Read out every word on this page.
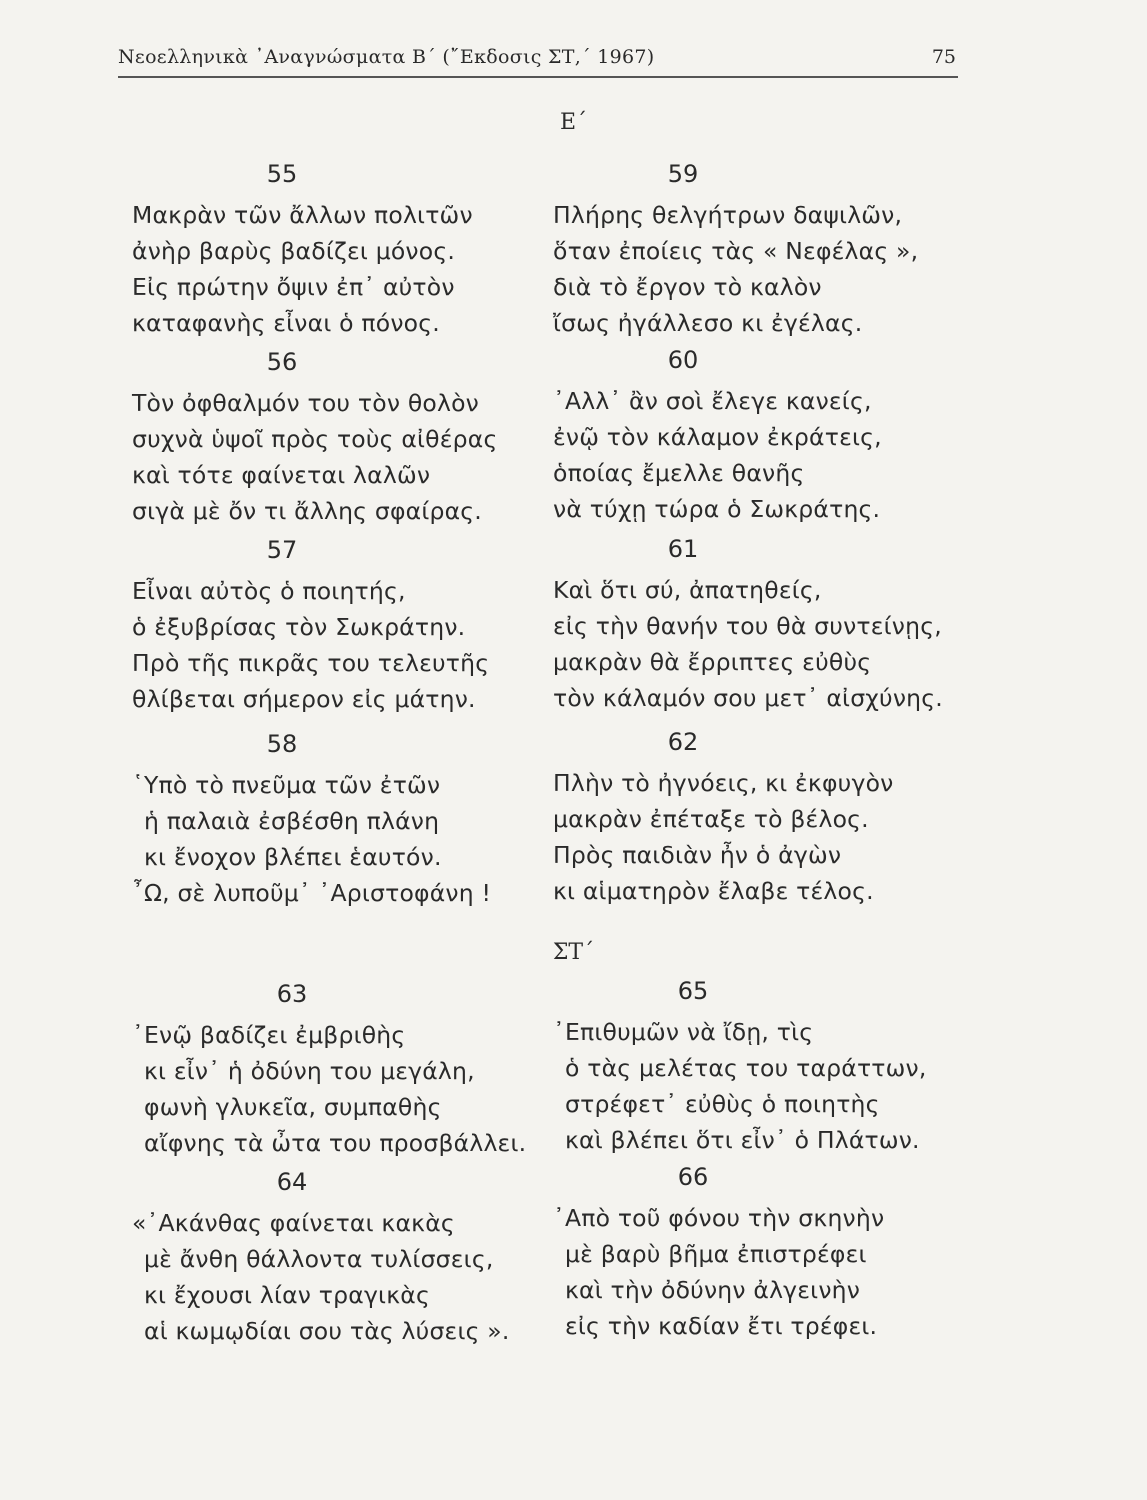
Νεοελληνικὰ ᾿Αναγνώσματα Β΄ (῎Εκδοσις ΣΤ,΄ 1967)	75
Ε΄
55
Μακρὰν τῶν ἄλλων πολιτῶν
ἀνὴρ βαρὺς βαδίζει μόνος.
Εἰς πρώτην ὄψιν ἐπ᾿ αὐτὸν
καταφανὴς εἶναι ὁ πόνος.
56
Τὸν ὀφθαλμόν του τὸν θολὸν
συχνὰ ὑψοῖ πρὸς τοὺς αἰθέρας
καὶ τότε φαίνεται λαλῶν
σιγὰ μὲ ὄν τι ἄλλης σφαίρας.
57
Εἶναι αὐτὸς ὁ ποιητής,
ὁ ἐξυβρίσας τὸν Σωκράτην.
Πρὸ τῆς πικρᾶς του τελευτῆς
θλίβεται σήμερον εἰς μάτην.
58
῾Υπὸ τὸ πνεῦμα τῶν ἐτῶν
ἡ παλαιὰ ἐσβέσθη πλάνη
κι ἔνοχον βλέπει ἑαυτόν.
῏Ω, σὲ λυποῦμ᾿ ᾿Αριστοφάνη !
59
Πλήρης θελγήτρων δαψιλῶν,
ὅταν ἐποίεις τὰς « Νεφέλας »,
διὰ τὸ ἔργον τὸ καλὸν
ἴσως ἠγάλλεσο κι ἐγέλας.
60
᾿Αλλ᾿ ἂν σοὶ ἔλεγε κανείς,
ἐνῷ τὸν κάλαμον ἐκράτεις,
ὁποίας ἔμελλε θανῆς
νὰ τύχῃ τώρα ὁ Σωκράτης.
61
Καὶ ὅτι σύ, ἀπατηθείς,
εἰς τὴν θανήν του θὰ συντείνῃς,
μακρὰν θὰ ἔρριπτες εὐθὺς
τὸν κάλαμόν σου μετ᾿ αἰσχύνης.
62
Πλὴν τὸ ἠγνόεις, κι ἐκφυγὸν
μακρὰν ἐπέταξε τὸ βέλος.
Πρὸς παιδιὰν ἦν ὁ ἀγὼν
κι αἱματηρὸν ἔλαβε τέλος.
ΣΤ΄
63
᾿Ενῷ βαδίζει ἐμβριθὴς
κι εἶν᾿ ἡ ὀδύνη του μεγάλη,
φωνὴ γλυκεῖα, συμπαθὴς
αἴφνης τὰ ὦτα του προσβάλλει.
64
«᾿Ακάνθας φαίνεται κακὰς
μὲ ἄνθη θάλλοντα τυλίσσεις,
κι ἔχουσι λίαν τραγικὰς
αἱ κωμῳδίαι σου τὰς λύσεις ».
65
᾿Επιθυμῶν νὰ ἴδῃ, τὶς
ὁ τὰς μελέτας του ταράττων,
στρέφετ᾿ εὐθὺς ὁ ποιητὴς
καὶ βλέπει ὅτι εἶν᾿ ὁ Πλάτων.
66
᾿Απὸ τοῦ φόνου τὴν σκηνὴν
μὲ βαρὺ βῆμα ἐπιστρέφει
καὶ τὴν ὀδύνην ἀλγεινὴν
εἰς τὴν καδίαν ἔτι τρέφει.
